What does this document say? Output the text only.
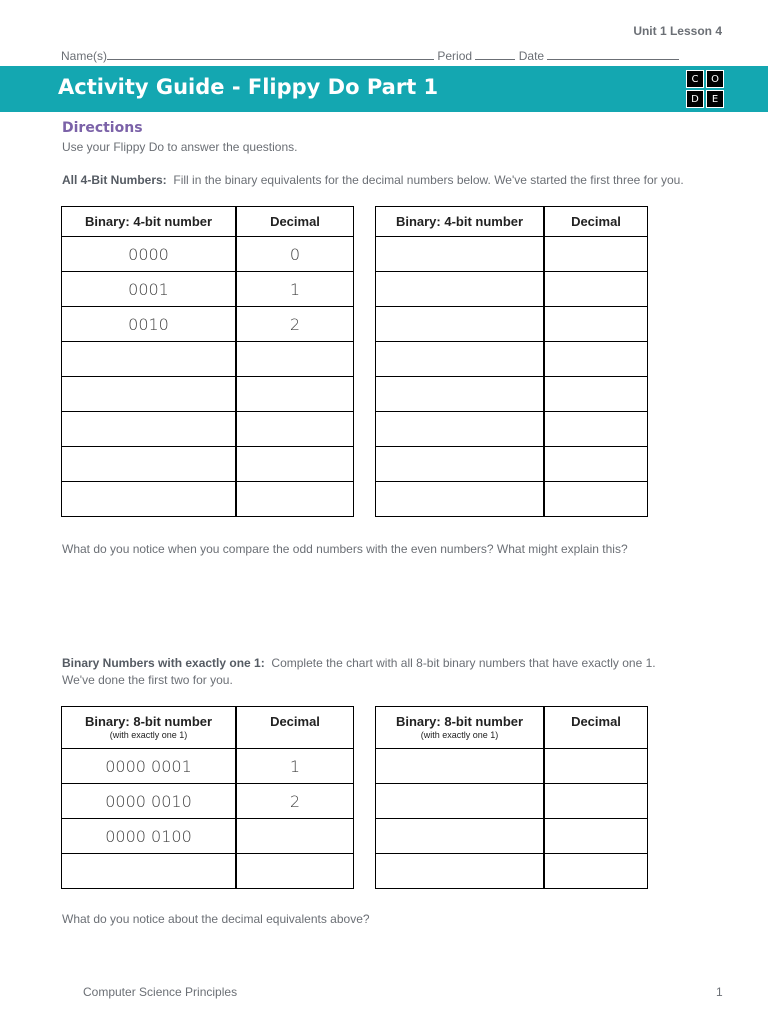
Unit 1 Lesson 4
Name(s)	Period	Date
Activity Guide - Flippy Do Part 1	C	O
D	E
Directions
Use your Flippy Do to answer the questions.
All 4-Bit Numbers: Fill in the binary equivalents for the decimal numbers below. We've started the first three for you.
Binary: 4-bit number	Decimal
0000	0
0001	1
0010	2

Binary: 4-bit number	Decimal

What do you notice when you compare the odd numbers with the even numbers? What might explain this?
Binary Numbers with exactly one 1: Complete the chart with all 8-bit binary numbers that have exactly one 1.
We've done the first two for you.
Binary: 8-bit number
(with exactly one 1)	Decimal
0000 0001	1
0000 0010	2
0000 0100	

Binary: 8-bit number
(with exactly one 1)	Decimal

What do you notice about the decimal equivalents above?
Computer Science Principles	1
